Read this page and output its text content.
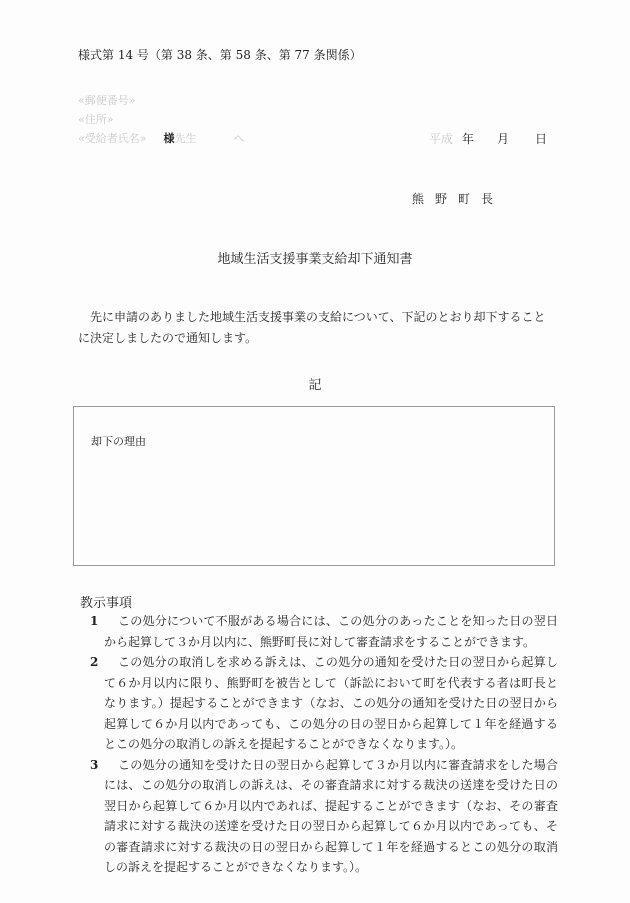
様式第 14 号（第 38 条、第 58 条、第 77 条関係）
«郵便番号»
«住所»
«受給者氏名» 様先生	へ	平成 年 月 日
熊野町長
地域生活支援事業支給却下通知書
先に申請のありました地域生活支援事業の支給について、下記のとおり却下することに決定しましたので通知します。
記
却下の理由
教示事項
1	この処分について不服がある場合には、この処分のあったことを知った日の翌日から起算して３か月以内に、熊野町長に対して審査請求をすることができます。
2	この処分の取消しを求める訴えは、この処分の通知を受けた日の翌日から起算して６か月以内に限り、熊野町を被告として（訴訟において町を代表する者は町長となります。）提起することができます（なお、この処分の通知を受けた日の翌日から起算して６か月以内であっても、この処分の日の翌日から起算して１年を経過するとこの処分の取消しの訴えを提起することができなくなります。）。
3	この処分の通知を受けた日の翌日から起算して３か月以内に審査請求をした場合には、この処分の取消しの訴えは、その審査請求に対する裁決の送達を受けた日の翌日から起算して６か月以内であれば、提起することができます（なお、その審査請求に対する裁決の送達を受けた日の翌日から起算して６か月以内であっても、その審査請求に対する裁決の日の翌日から起算して１年を経過するとこの処分の取消しの訴えを提起することができなくなります。）。
